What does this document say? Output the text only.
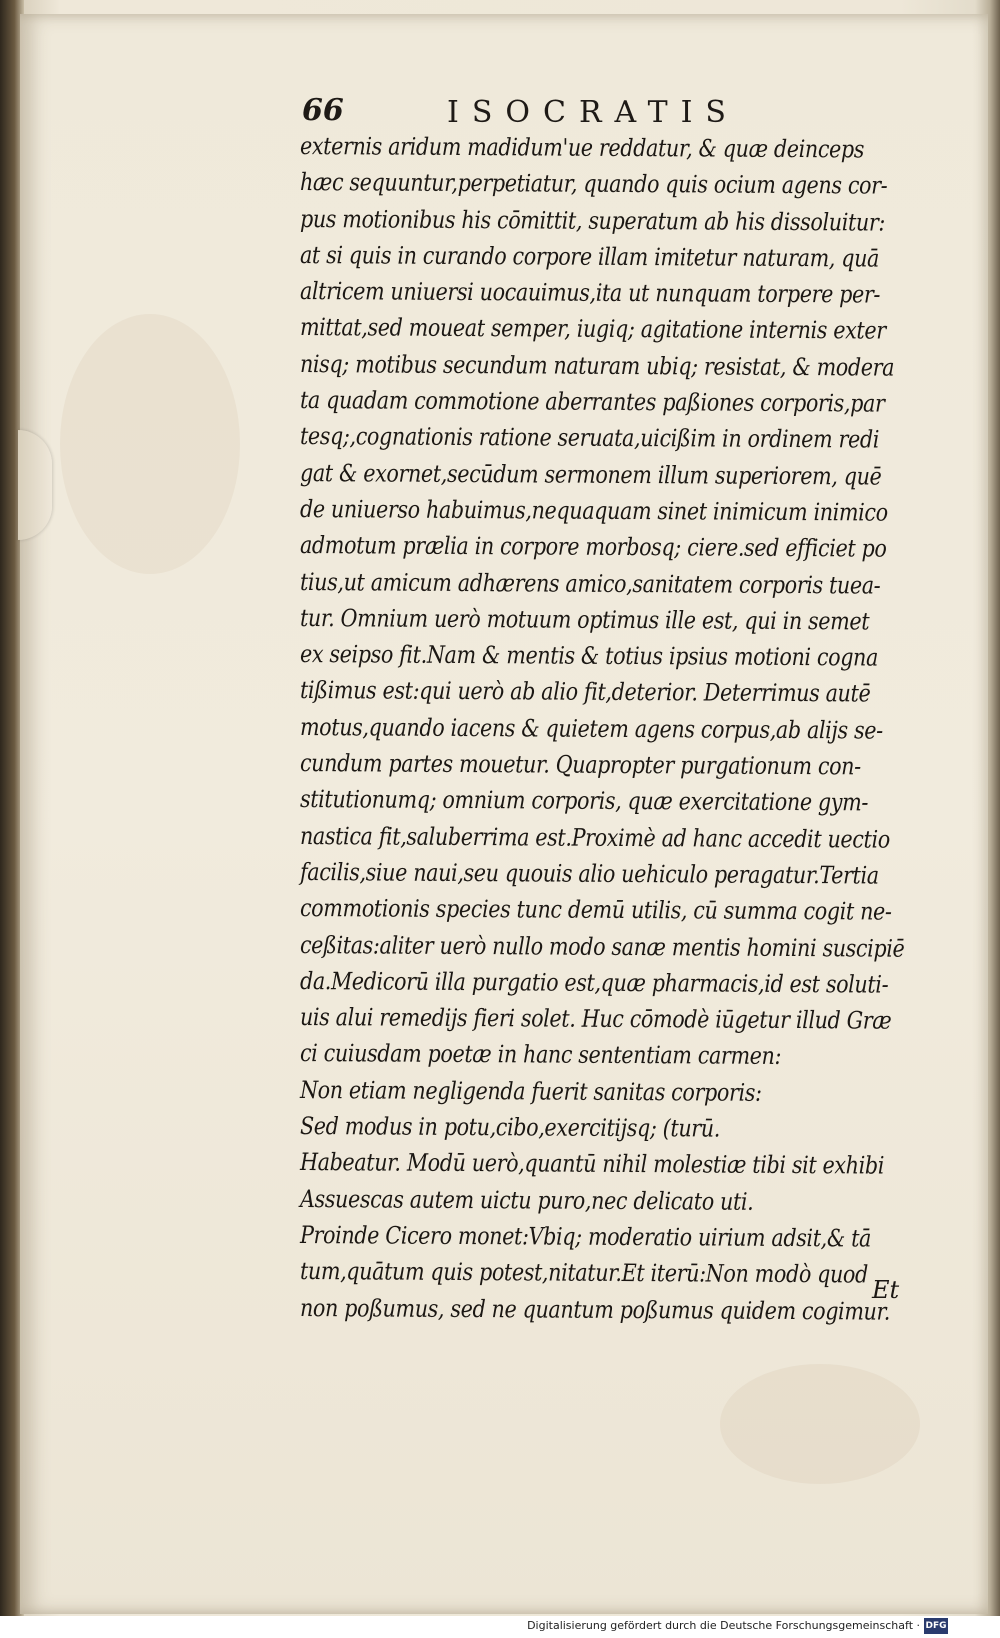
66	ISOCRATIS
externis aridum madidum'ue reddatur, & quæ deinceps
hæc sequuntur,perpetiatur, quando quis ocium agens cor-
pus motionibus his cōmittit, superatum ab his dissoluitur:
at si quis in curando corpore illam imitetur naturam, quā
altricem uniuersi uocauimus,ita ut nunquam torpere per-
mittat,sed moueat semper, iugiq; agitatione internis exter
nisq; motibus secundum naturam ubiq; resistat, & modera
ta quadam commotione aberrantes paßiones corporis,par
tesq;,cognationis ratione seruata,uicißim in ordinem redi
gat & exornet,secūdum sermonem illum superiorem, quē
de uniuerso habuimus,nequaquam sinet inimicum inimico
admotum prælia in corpore morbosq; ciere.sed efficiet po
tius,ut amicum adhærens amico,sanitatem corporis tuea-
tur. Omnium uerò motuum optimus ille est, qui in semet
ex seipso fit.Nam & mentis & totius ipsius motioni cogna
tißimus est:qui uerò ab alio fit,deterior. Deterrimus autē
motus,quando iacens & quietem agens corpus,ab alijs se-
cundum partes mouetur. Quapropter purgationum con-
stitutionumq; omnium corporis, quæ exercitatione gym-
nastica fit,saluberrima est.Proximè ad hanc accedit uectio
facilis,siue naui,seu quouis alio uehiculo peragatur.Tertia
commotionis species tunc demū utilis, cū summa cogit ne-
ceßitas:aliter uerò nullo modo sanæ mentis homini suscipiē
da.Medicorū illa purgatio est,quæ pharmacis,id est soluti-
uis alui remedijs fieri solet. Huc cōmodè iūgetur illud Græ
ci cuiusdam poetæ in hanc sententiam carmen:
Non etiam negligenda fuerit sanitas corporis:
Sed modus in potu,cibo,exercitijsq; (turū.
Habeatur. Modū uerò,quantū nihil molestiæ tibi sit exhibi
Assuescas autem uictu puro,nec delicato uti.
Proinde Cicero monet:Vbiq; moderatio uirium adsit,& tā
tum,quātum quis potest,nitatur.Et iterū:Non modò quod
non poßumus, sed ne quantum poßumus quidem cogimur.
Et
Digitalisierung gefördert durch die Deutsche Forschungsgemeinschaft · DFG
